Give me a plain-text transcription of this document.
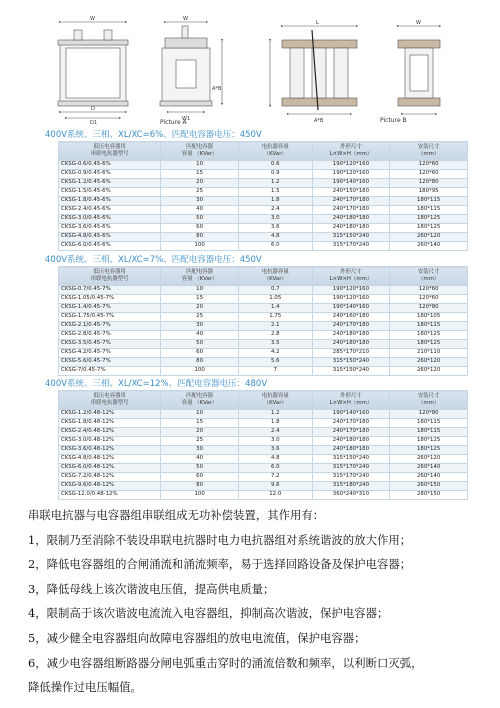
W
D
D1
W
W1
A*B
L	W
A*B
Picture A	Picture B
400V系统、三相、XL/XC=6%、匹配电容器电压：450V
低压电容器用
串联电抗器型号	匹配电容器
容量 （KVar）	电抗器容量
（KVar）	外形尺寸
L×W×H（mm）	安装尺寸
（mm）
CKSG-0.6/0.45-6%	10	0.6	190*120*160	120*60
CKSG-0.9/0.45-6%	15	0.9	190*120*160	120*60
CKSG-1.2/0.45-6%	20	1.2	190*140*160	120*80
CKSG-1.5/0.45-6%	25	1.5	240*150*180	180*95
CKSG-1.8/0.45-6%	30	1.8	240*170*180	180*115
CKSG-2.4/0.45-6%	40	2.4	240*170*180	180*115
CKSG-3.0/0.45-6%	50	3.0	240*180*180	180*125
CKSG-3.6/0.45-6%	60	3.6	240*180*180	180*125
CKSG-4.8/0.45-6%	80	4.8	315*150*240	260*120
CKSG-6.0/0.45-6%	100	6.0	315*170*240	260*140
400V系统、三相、XL/XC=7%、匹配电容器电压：450V
低压电容器用
串联电抗器型号	匹配电容器
容量 （KVar）	电抗器容量
（KVar）	外形尺寸
L×W×H（mm）	安装尺寸
（mm）
CKSG-0.7/0.45-7%	10	0.7	190*120*160	120*60
CKSG-1.05/0.45-7%	15	1.05	190*120*160	120*60
CKSG-1.4/0.45-7%	20	1.4	190*140*160	120*80
CKSG-1.75/0.45-7%	25	1.75	240*160*180	180*105
CKSG-2.1/0.45-7%	30	2.1	240*170*180	180*115
CKSG-2.8/0.45-7%	40	2.8	240*180*180	180*125
CKSG-3.5/0.45-7%	50	3.5	240*180*180	180*125
CKSG-4.2/0.45-7%	60	4.2	285*170*210	210*110
CKSG-5.6/0.45-7%	80	5.6	315*150*240	260*120
CKSG-7/0.45-7%	100	7	315*150*240	260*120
400V系统、三相、XL/XC=12%、匹配电容器电压：480V
低压电容器用
串联电抗器型号	匹配电容器
容量 （KVar）	电抗器容量
（KVar）	外形尺寸
L×W×H（mm）	安装尺寸
（mm）
CKSG-1.2/0.48-12%	10	1.2	190*140*160	120*80
CKSG-1.8/0.48-12%	15	1.8	240*170*180	180*115
CKSG-2.4/0.48-12%	20	2.4	240*170*180	180*115
CKSG-3.0/0.48-12%	25	3.0	240*180*180	180*125
CKSG-3.6/0.48-12%	30	3.6	240*180*180	180*125
CKSG-4.8/0.48-12%	40	4.8	315*150*240	260*120
CKSG-6.0/0.48-12%	50	6.0	315*170*240	260*140
CKSG-7.2/0.48-12%	60	7.2	315*170*240	260*140
CKSG-9.6/0.48-12%	80	9.6	315*180*240	260*150
CKSG-12.0/0.48-12%	100	12.0	360*240*310	280*150
串联电抗器与电容器组串联组成无功补偿装置，其作用有：
1，限制乃至消除不装设串联电抗器时电力电抗器组对系统谐波的放大作用；
2，降低电容器组的合闸涌流和涌流频率，易于选择回路设备及保护电容器；
3，降低母线上该次谐波电压值，提高供电质量；
4，限制高于该次谐波电流流入电容器组，抑制高次谐波，保护电容器；
5，减少健全电容器组向故障电容器组的放电电流值，保护电容器；
6，减少电容器组断路器分闸电弧重击穿时的涌流倍数和频率，以利断口灭弧，
降低操作过电压幅值。
